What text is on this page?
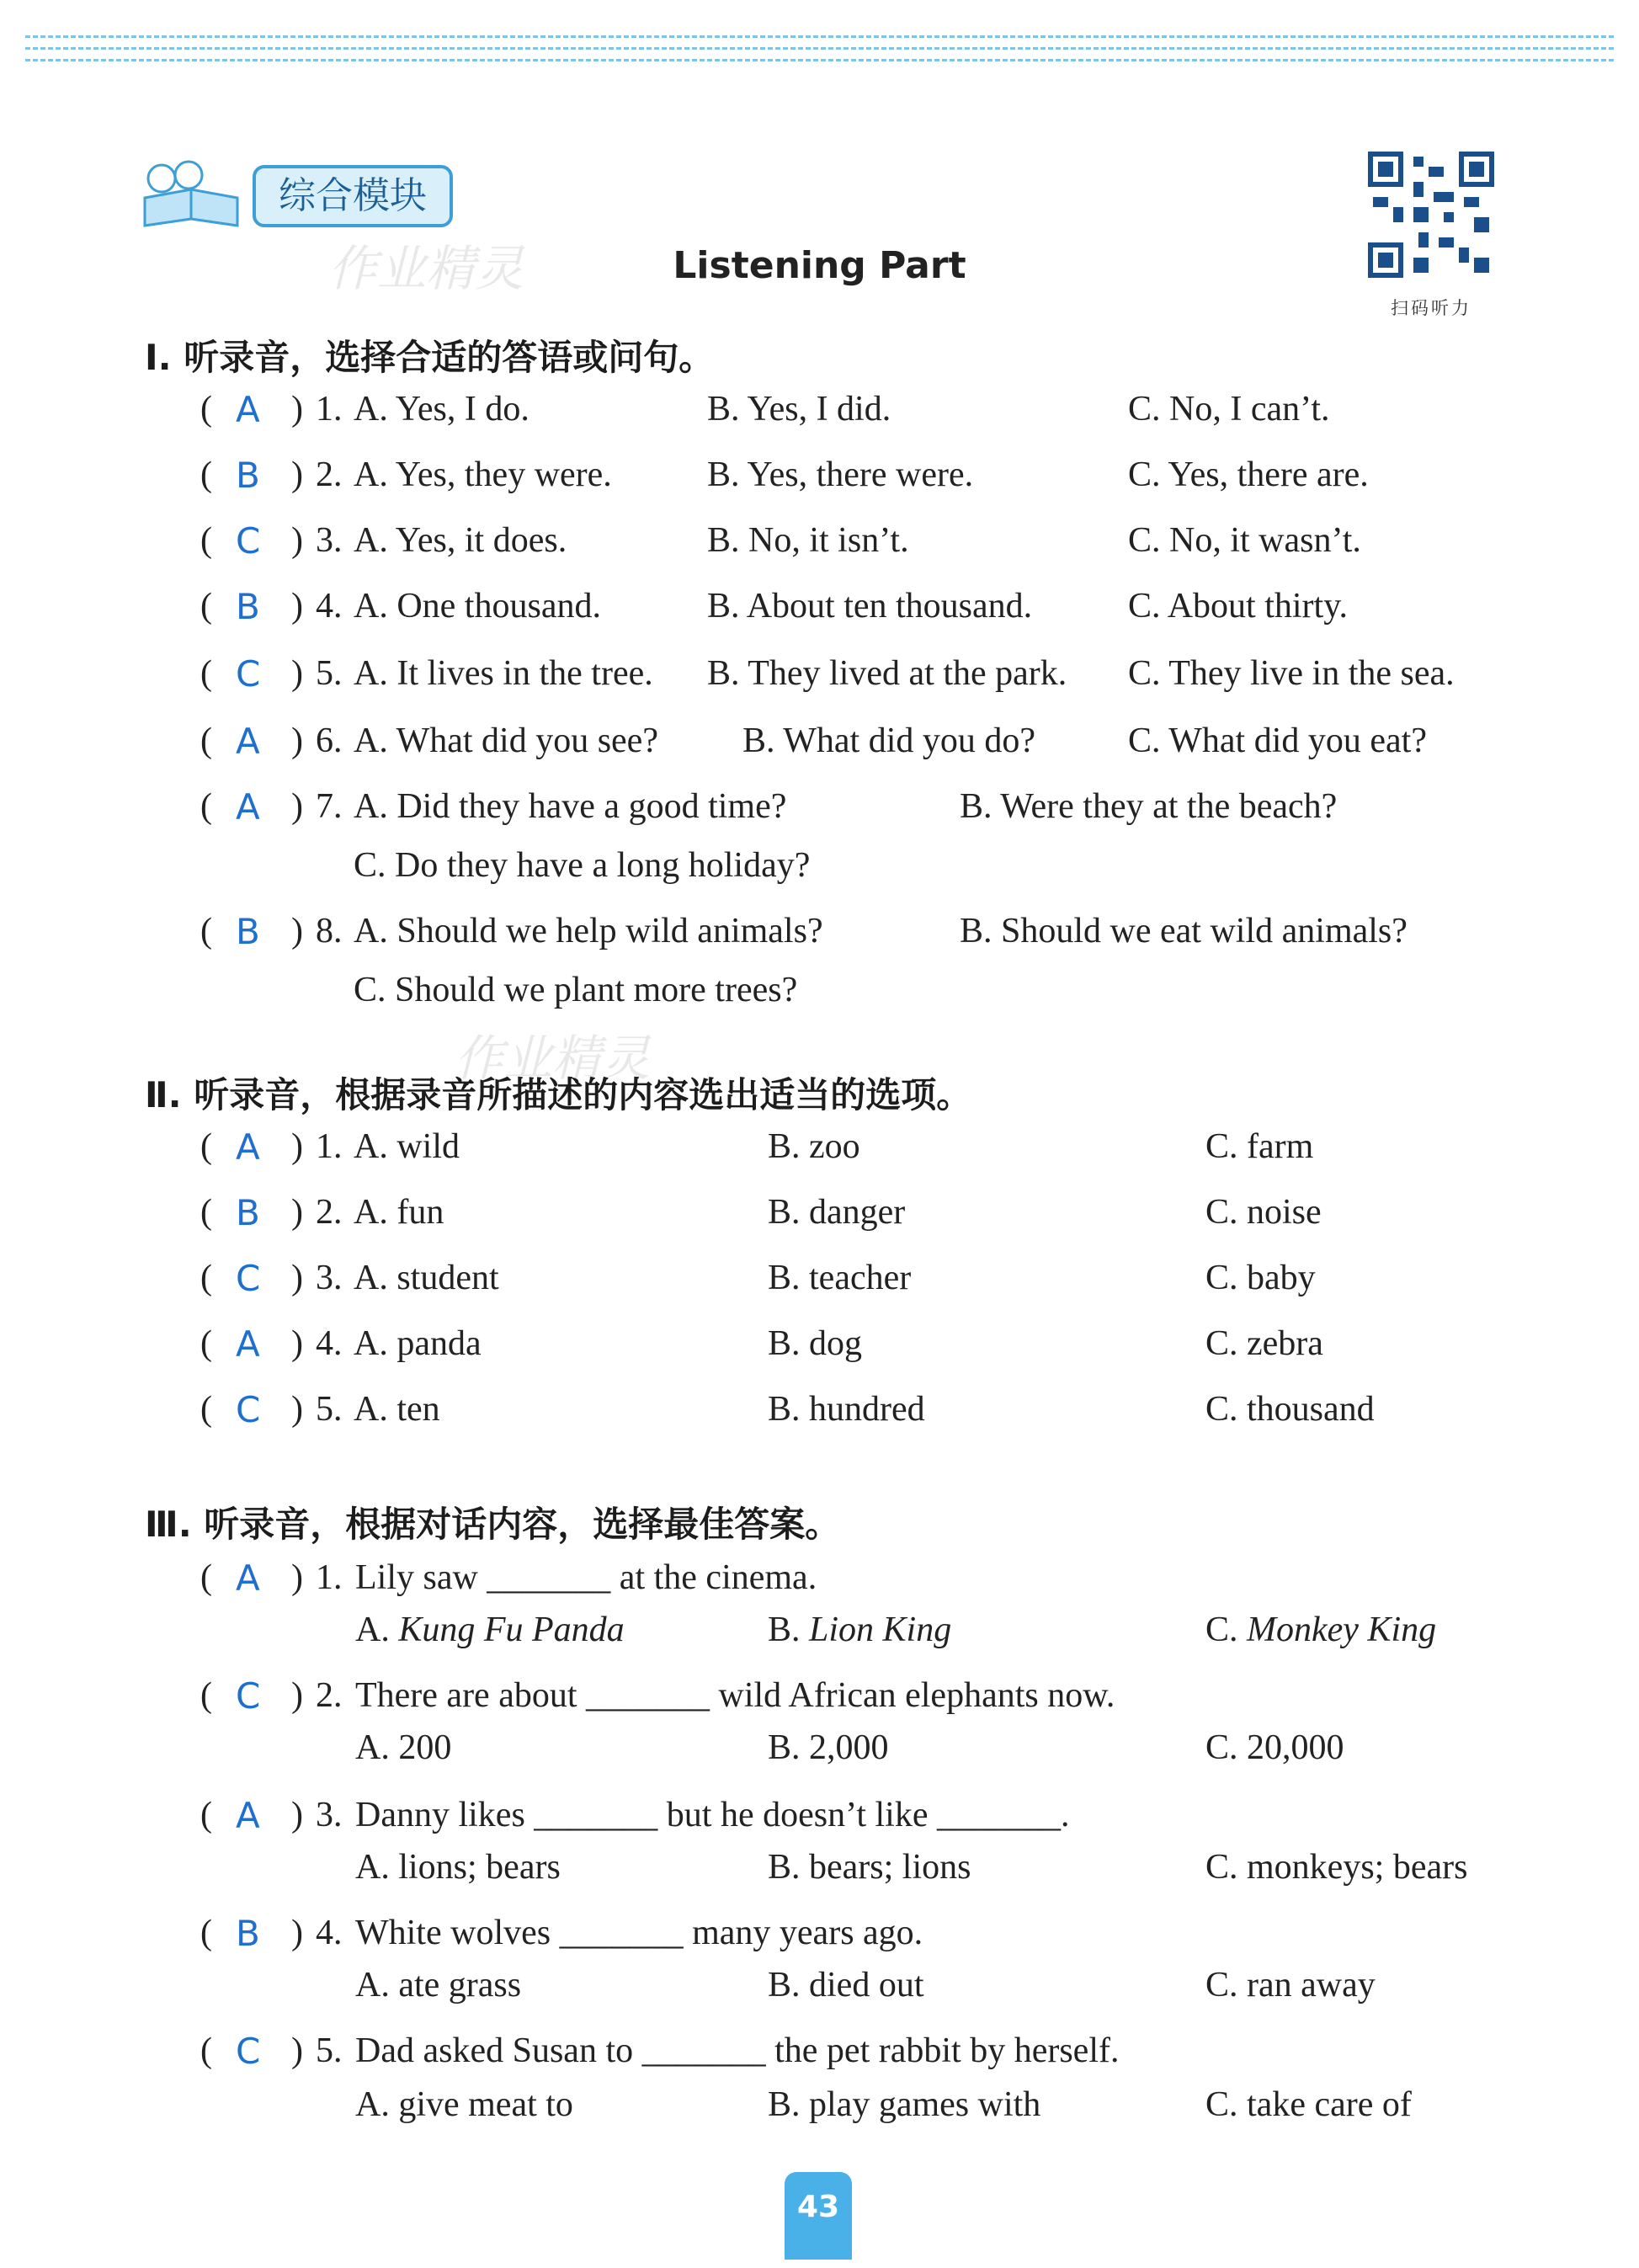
综合模块
作业精灵
作业精灵
Listening Part
扫码听力
Ⅰ. 听录音，选择合适的答语或问句。
( A ) 1. A. Yes, I do.	B. Yes, I did.	C. No, I can’t.
( B ) 2. A. Yes, they were.	B. Yes, there were.	C. Yes, there are.
( C ) 3. A. Yes, it does.	B. No, it isn’t.	C. No, it wasn’t.
( B ) 4. A. One thousand.	B. About ten thousand.	C. About thirty.
( C ) 5. A. It lives in the tree. B. They lived at the park. C. They live in the sea.
( A ) 6. A. What did you see? B. What did you do?	C. What did you eat?
( A ) 7. A. Did they have a good time?	B. Were they at the beach?
C. Do they have a long holiday?
( B ) 8. A. Should we help wild animals?	B. Should we eat wild animals?
C. Should we plant more trees?
Ⅱ. 听录音，根据录音所描述的内容选出适当的选项。
( A ) 1. A. wild	B. zoo	C. farm
( B ) 2. A. fun	B. danger	C. noise
( C ) 3. A. student	B. teacher	C. baby
( A ) 4. A. panda	B. dog	C. zebra
( C ) 5. A. ten	B. hundred	C. thousand
Ⅲ. 听录音，根据对话内容，选择最佳答案。
( A ) 1. Lily saw _______ at the cinema.
A. Kung Fu Panda	B. Lion King	C. Monkey King
( C ) 2. There are about _______ wild African elephants now.
A. 200	B. 2,000	C. 20,000
( A ) 3. Danny likes _______ but he doesn’t like _______.
A. lions; bears	B. bears; lions	C. monkeys; bears
( B ) 4. White wolves _______ many years ago.
A. ate grass	B. died out	C. ran away
( C ) 5. Dad asked Susan to _______ the pet rabbit by herself.
A. give meat to	B. play games with	C. take care of
43
